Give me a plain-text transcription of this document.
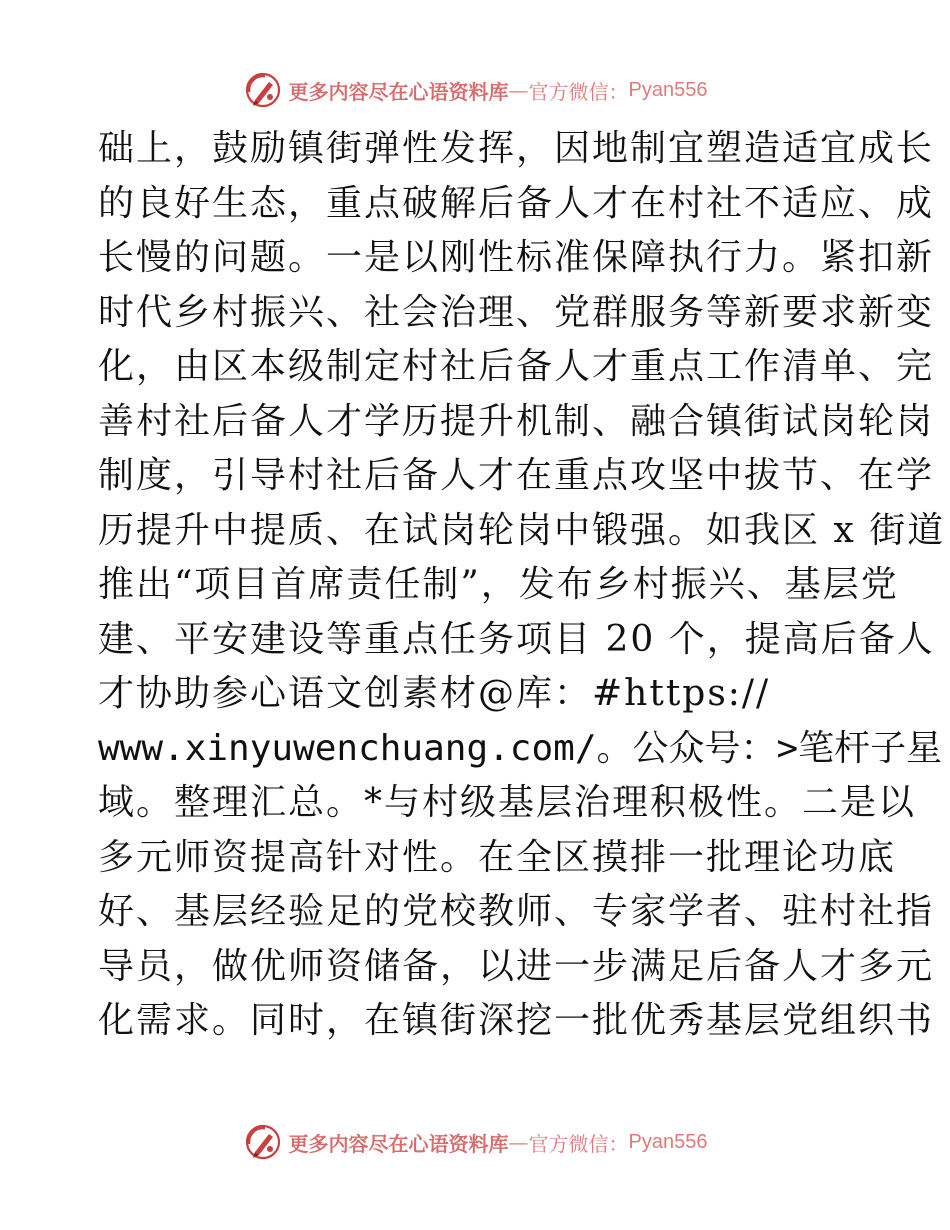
更多内容尽在心语资料库 — 官方微信： Pyan556
础上，鼓励镇街弹性发挥，因地制宜塑造适宜成长
的良好生态，重点破解后备人才在村社不适应、成
长慢的问题。一是以刚性标准保障执行力。紧扣新
时代乡村振兴、社会治理、党群服务等新要求新变
化，由区本级制定村社后备人才重点工作清单、完
善村社后备人才学历提升机制、融合镇街试岗轮岗
制度，引导村社后备人才在重点攻坚中拔节、在学
历提升中提质、在试岗轮岗中锻强。如我区 x 街道
推出“项目首席责任制”，发布乡村振兴、基层党
建、平安建设等重点任务项目 20 个，提高后备人
才协助参心语文创素材@库：#https://
www.xinyuwenchuang.com/。公众号：>笔杆子星
域。整理汇总。*与村级基层治理积极性。二是以
多元师资提高针对性。在全区摸排一批理论功底
好、基层经验足的党校教师、专家学者、驻村社指
导员，做优师资储备，以进一步满足后备人才多元
化需求。同时，在镇街深挖一批优秀基层党组织书
更多内容尽在心语资料库 — 官方微信： Pyan556
